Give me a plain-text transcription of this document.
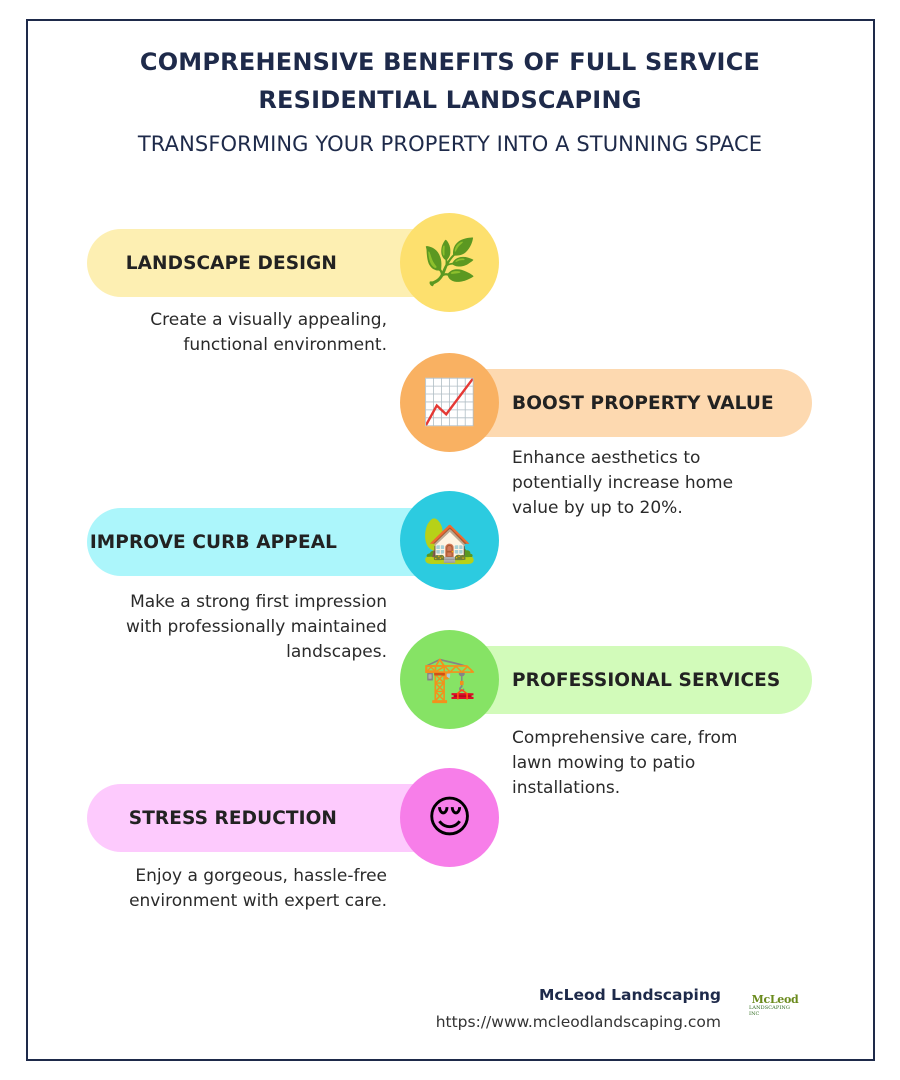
COMPREHENSIVE BENEFITS OF FULL SERVICE
RESIDENTIAL LANDSCAPING
TRANSFORMING YOUR PROPERTY INTO A STUNNING SPACE
LANDSCAPE DESIGN 🌿
Create a visually appealing, functional environment.
BOOST PROPERTY VALUE
📈
Enhance aesthetics to potentially increase home value by up to 20%.
IMPROVE CURB APPEAL 🏡
Make a strong first impression with professionally maintained landscapes.
PROFESSIONAL SERVICES
🏗️
Comprehensive care, from lawn mowing to patio installations.
STRESS REDUCTION 😌
Enjoy a gorgeous, hassle-free environment with expert care.
McLeod Landscaping
https://www.mcleodlandscaping.com
McLeod
LANDSCAPING INC
